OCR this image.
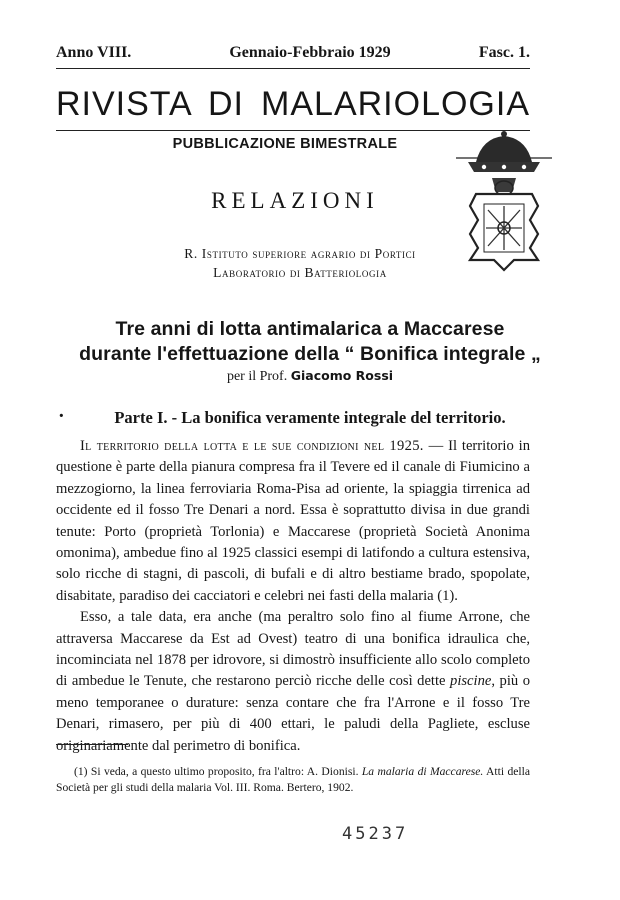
Anno VIII.	Gennaio-Febbraio 1929	Fasc. 1.
RIVISTA DI MALARIOLOGIA
PUBBLICAZIONE BIMESTRALE
RELAZIONI
R. Istituto superiore agrario di Portici
Laboratorio di Batteriologia
Tre anni di lotta antimalarica a Maccarese
durante l'effettuazione della “ Bonifica integrale „
per il Prof. Giacomo Rossi
· Parte I. - La bonifica veramente integrale del territorio.

Il territorio della lotta e le sue condizioni nel 1925. — Il territorio in questione è parte della pianura compresa fra il Tevere ed il canale di Fiumicino a mezzogiorno, la linea ferroviaria Roma-Pisa ad oriente, la spiaggia tirrenica ad occidente ed il fosso Tre Denari a nord. Essa è soprattutto divisa in due grandi tenute: Porto (proprietà Torlonia) e Maccarese (proprietà Società Anonima omonima), ambedue fino al 1925 classici esempi di latifondo a cultura estensiva, solo ricche di stagni, di pascoli, di bufali e di altro bestiame brado, spopolate, disabitate, paradiso dei cacciatori e celebri nei fasti della malaria (1).

Esso, a tale data, era anche (ma peraltro solo fino al fiume Arrone, che attraversa Maccarese da Est ad Ovest) teatro di una bonifica idraulica che, incominciata nel 1878 per idrovore, si dimostrò insufficiente allo scolo completo di ambedue le Tenute, che restarono perciò ricche delle così dette piscine, più o meno temporanee o durature: senza contare che fra l'Arrone e il fosso Tre Denari, rimasero, per più di 400 ettari, le paludi della Pagliete, escluse originariamente dal perimetro di bonifica.

(1) Si veda, a questo ultimo proposito, fra l'altro: A. Dionisi. La malaria di Maccarese. Atti della Società per gli studi della malaria Vol. III. Roma. Bertero, 1902.
45237
